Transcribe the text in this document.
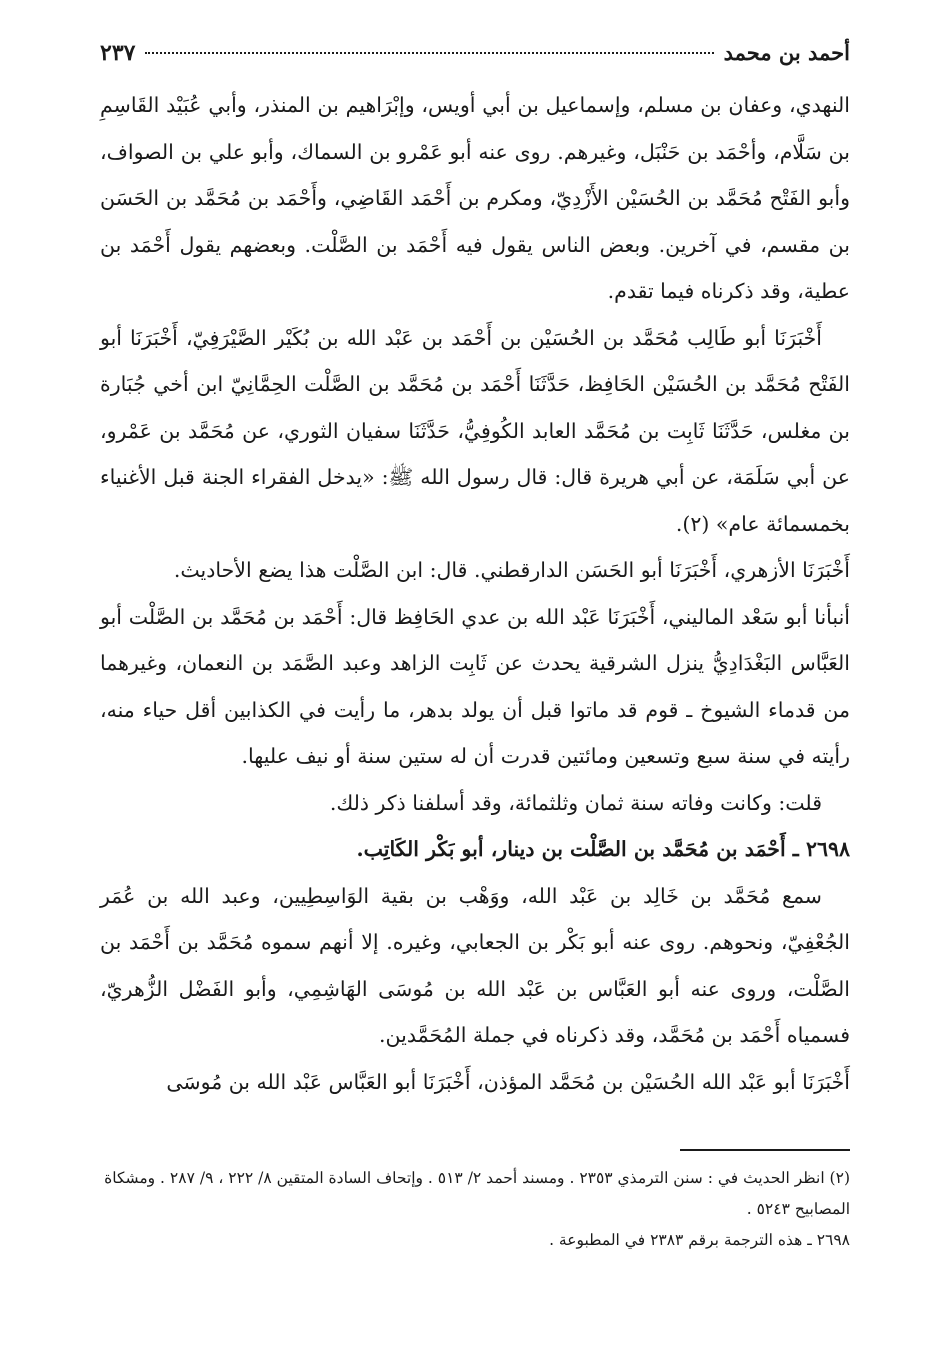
أحمد بن محمد
٢٣٧

النهدي، وعفان بن مسلم، وإسماعيل بن أبي أويس، وإبْرَاهيم بن المنذر، وأبي عُبَيْد القَاسِمِ بن سَلَّام، وأحْمَد بن حَنْبَل، وغيرهم. روى عنه أبو عَمْرو بن السماك، وأبو علي بن الصواف، وأبو الفَتْح مُحَمَّد بن الحُسَيْن الأَزْدِيّ، ومكرم بن أَحْمَد القَاضِي، وأَحْمَد بن مُحَمَّد بن الحَسَن بن مقسم، في آخرين. وبعض الناس يقول فيه أَحْمَد بن الصَّلْت. وبعضهم يقول أَحْمَد بن عطية، وقد ذكرناه فيما تقدم.

أَخْبَرَنَا أبو طَالِب مُحَمَّد بن الحُسَيْن بن أَحْمَد بن عَبْد الله بن بُكَيْر الصَّيْرَفِيّ، أَخْبَرَنَا أبو الفَتْح مُحَمَّد بن الحُسَيْن الحَافِظ، حَدَّثَنَا أَحْمَد بن مُحَمَّد بن الصَّلْت الحِمَّانِيّ ابن أخي جُبَارة بن مغلس، حَدَّثَنَا ثَابِت بن مُحَمَّد العابد الكُوفِيُّ، حَدَّثَنَا سفيان الثوري، عن مُحَمَّد بن عَمْرو، عن أبي سَلَمَة، عن أبي هريرة قال: قال رسول الله ﷺ: «يدخل الفقراء الجنة قبل الأغنياء بخمسمائة عام» (٢).

أَخْبَرَنَا الأزهري، أَخْبَرَنَا أبو الحَسَن الدارقطني. قال: ابن الصَّلْت هذا يضع الأحاديث.

أنبأنا أبو سَعْد الماليني، أَخْبَرَنَا عَبْد الله بن عدي الحَافِظ قال: أَحْمَد بن مُحَمَّد بن الصَّلْت أبو العَبَّاس البَغْدَادِيُّ ينزل الشرقية يحدث عن ثَابِت الزاهد وعبد الصَّمَد بن النعمان، وغيرهما من قدماء الشيوخ ـ قوم قد ماتوا قبل أن يولد بدهر، ما رأيت في الكذابين أقل حياء منه، رأيته في سنة سبع وتسعين ومائتين قدرت أن له ستين سنة أو نيف عليها.

قلت: وكانت وفاته سنة ثمان وثلثمائة، وقد أسلفنا ذكر ذلك.

٢٦٩٨ ـ أَحْمَد بن مُحَمَّد بن الصَّلْت بن دينار، أبو بَكْر الكَاتِب.

سمع مُحَمَّد بن خَالِد بن عَبْد الله، ووَهْب بن بقية الوَاسِطِيين، وعبد الله بن عُمَر الجُعْفِيّ، ونحوهم. روى عنه أبو بَكْر بن الجعابي، وغيره. إلا أنهم سموه مُحَمَّد بن أَحْمَد بن الصَّلْت، وروى عنه أبو العَبَّاس بن عَبْد الله بن مُوسَى الهَاشِمِي، وأبو الفَضْل الزُّهريّ، فسمياه أَحْمَد بن مُحَمَّد، وقد ذكرناه في جملة المُحَمَّدين.

أَخْبَرَنَا أبو عَبْد الله الحُسَيْن بن مُحَمَّد المؤذن، أَخْبَرَنَا أبو العَبَّاس عَبْد الله بن مُوسَى

(٢) انظر الحديث في : سنن الترمذي ٢٣٥٣ . ومسند أحمد ٢/ ٥١٣ . وإتحاف السادة المتقين ٨/ ٢٢٢ ، ٩/ ٢٨٧ . ومشكاة المصابيح ٥٢٤٣ .

٢٦٩٨ ـ هذه الترجمة برقم ٢٣٨٣ في المطبوعة .
